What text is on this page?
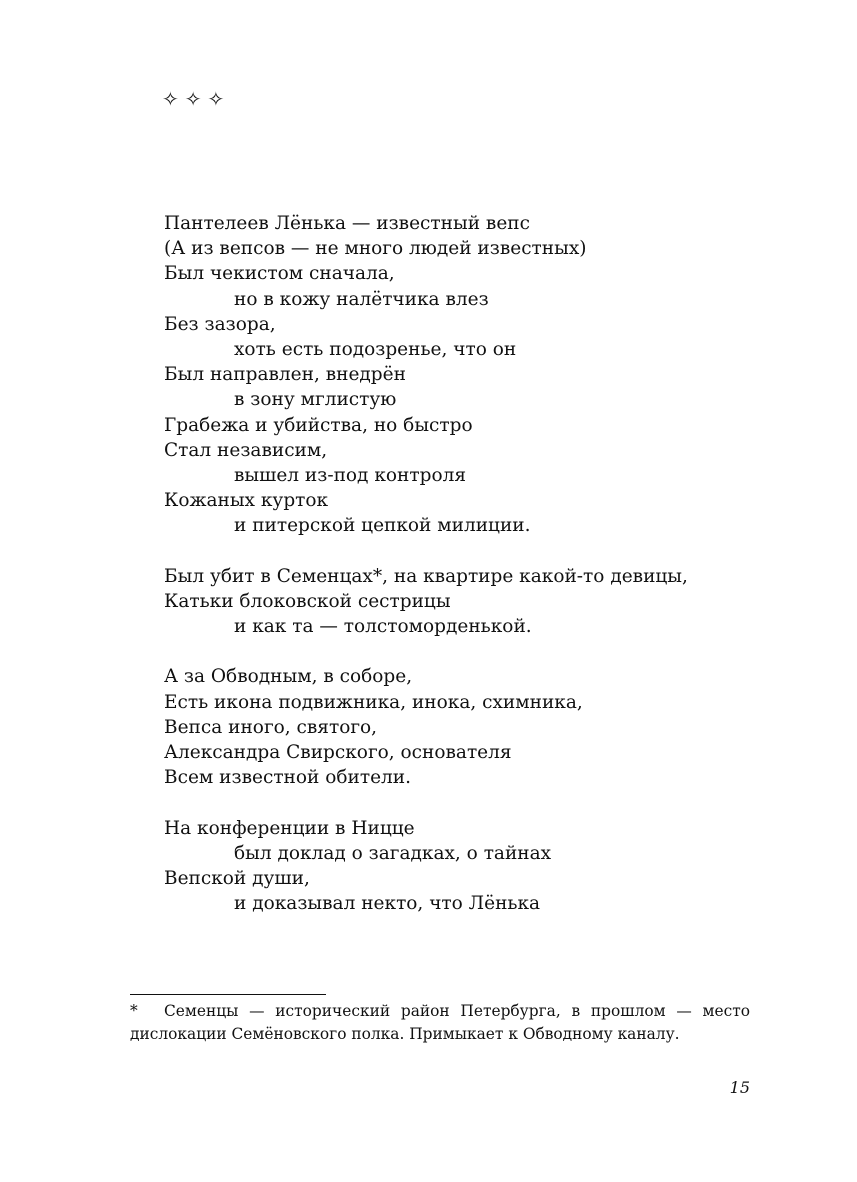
✧✧✧
Пантелеев Лёнька — известный вепс
(А из вепсов — не много людей известных)
Был чекистом сначала,
но в кожу налётчика влез
Без зазора,
хоть есть подозренье, что он
Был направлен, внедрён
в зону мглистую
Грабежа и убийства, но быстро
Стал независим,
вышел из-под контроля
Кожаных курток
и питерской цепкой милиции.
Был убит в Семенцах*, на квартире какой-то девицы,
Катьки блоковской сестрицы
и как та — толстоморденькой.
А за Обводным, в соборе,
Есть икона подвижника, инока, схимника,
Вепса иного, святого,
Александра Свирского, основателя
Всем известной обители.
На конференции в Ницце
был доклад о загадках, о тайнах
Вепской души,
и доказывал некто, что Лёнька
* Семенцы — исторический район Петербурга, в прошлом — место дислокации Семёновского полка. Примыкает к Обводному каналу.
15
